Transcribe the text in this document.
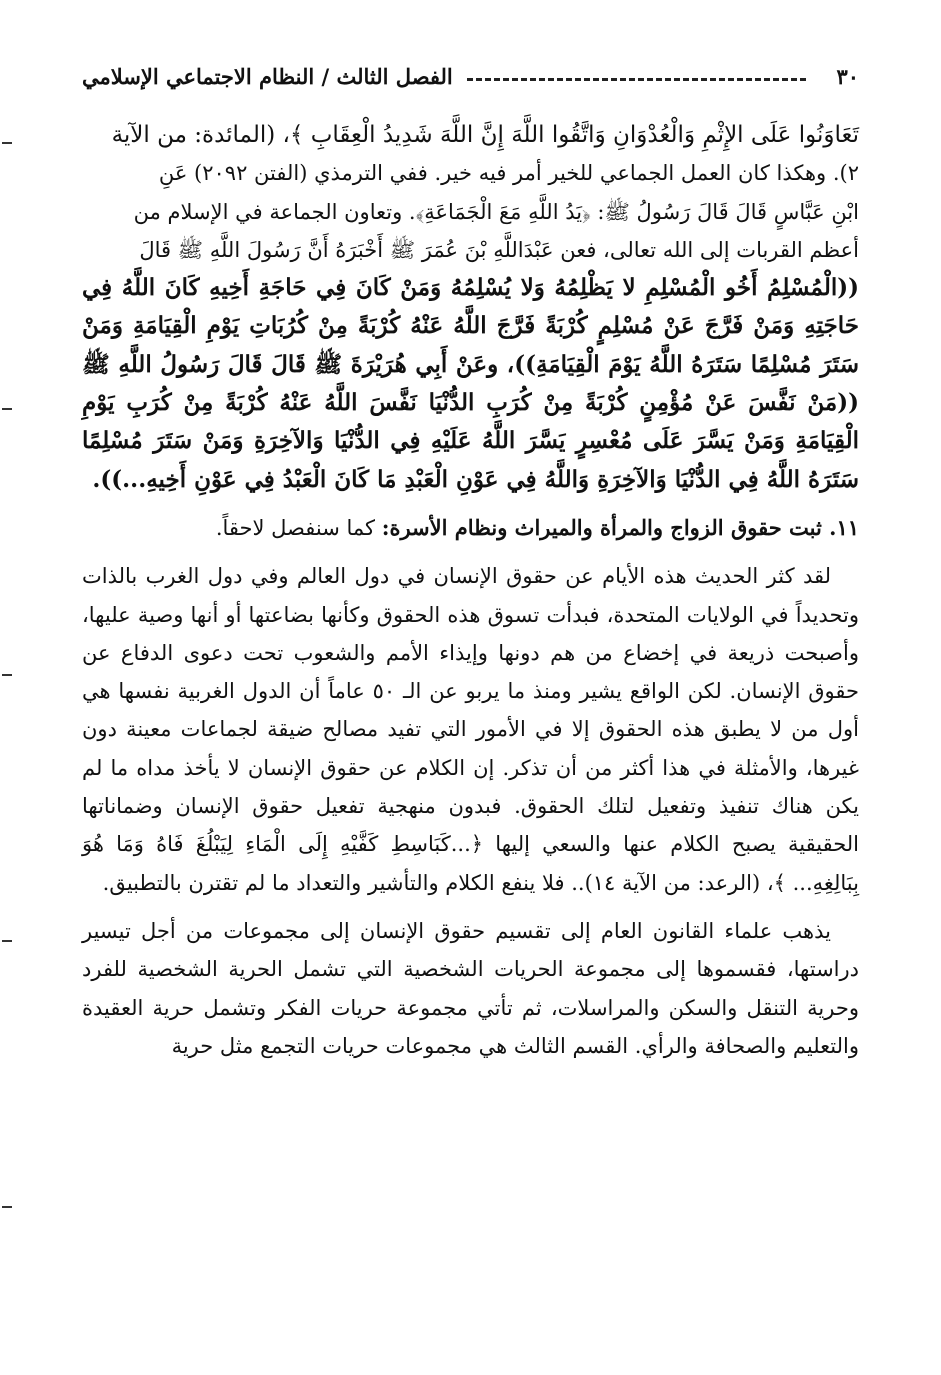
٣٠
الفصل الثالث / النظام الاجتماعي الإسلامي

تَعَاوَنُوا عَلَى الإِثْمِ وَالْعُدْوَانِ وَاتَّقُوا اللَّهَ إِنَّ اللَّهَ شَدِيدُ الْعِقَابِ ﴾، (المائدة: من الآية

٢). وهكذا كان العمل الجماعي للخير أمر فيه خير. ففي الترمذي (الفتن ٢٠٩٢) عَنِ

ابْنِ عَبَّاسٍ قَالَ قَالَ رَسُولُ ﷺ: ﴿يَدُ اللَّهِ مَعَ الْجَمَاعَةِ﴾. وتعاون الجماعة في الإسلام من

أعظم القربات إلى الله تعالى، فعن عَبْدَاللَّهِ بْنَ عُمَرَ ﷺ أَخْبَرَهُ أَنَّ رَسُولَ اللَّهِ ﷺ قَالَ

((الْمُسْلِمُ أَخُو الْمُسْلِمِ لا يَظْلِمُهُ وَلا يُسْلِمُهُ وَمَنْ كَانَ فِي حَاجَةِ أَخِيهِ كَانَ اللَّهُ فِي حَاجَتِهِ وَمَنْ فَرَّجَ عَنْ مُسْلِمٍ كُرْبَةً فَرَّجَ اللَّهُ عَنْهُ كُرْبَةً مِنْ كُرُبَاتِ يَوْمِ الْقِيَامَةِ وَمَنْ سَتَرَ مُسْلِمًا سَتَرَهُ اللَّهُ يَوْمَ الْقِيَامَةِ))، وعَنْ أَبِي هُرَيْرَةَ ﷺ قَالَ قَالَ رَسُولُ اللَّهِ ﷺ ((مَنْ نَفَّسَ عَنْ مُؤْمِنٍ كُرْبَةً مِنْ كُرَبِ الدُّنْيَا نَفَّسَ اللَّهُ عَنْهُ كُرْبَةً مِنْ كُرَبِ يَوْمِ الْقِيَامَةِ وَمَنْ يَسَّرَ عَلَى مُعْسِرٍ يَسَّرَ اللَّهُ عَلَيْهِ فِي الدُّنْيَا وَالآخِرَةِ وَمَنْ سَتَرَ مُسْلِمًا سَتَرَهُ اللَّهُ فِي الدُّنْيَا وَالآخِرَةِ وَاللَّهُ فِي عَوْنِ الْعَبْدِ مَا كَانَ الْعَبْدُ فِي عَوْنِ أَخِيهِ...)).

١١. ثبت حقوق الزواج والمرأة والميراث ونظام الأسرة: كما سنفصل لاحقاً.

لقد كثر الحديث هذه الأيام عن حقوق الإنسان في دول العالم وفي دول الغرب بالذات وتحديداً في الولايات المتحدة، فبدأت تسوق هذه الحقوق وكأنها بضاعتها أو أنها وصية عليها، وأصبحت ذريعة في إخضاع من هم دونها وإيذاء الأمم والشعوب تحت دعوى الدفاع عن حقوق الإنسان. لكن الواقع يشير ومنذ ما يربو عن الـ ٥٠ عاماً أن الدول الغربية نفسها هي أول من لا يطبق هذه الحقوق إلا في الأمور التي تفيد مصالح ضيقة لجماعات معينة دون غيرها، والأمثلة في هذا أكثر من أن تذكر. إن الكلام عن حقوق الإنسان لا يأخذ مداه ما لم يكن هناك تنفيذ وتفعيل لتلك الحقوق. فبدون منهجية تفعيل حقوق الإنسان وضماناتها الحقيقية يصبح الكلام عنها والسعي إليها ﴿...كَبَاسِطِ كَفَّيْهِ إِلَى الْمَاءِ لِيَبْلُغَ فَاهُ وَمَا هُوَ بِبَالِغِهِ... ﴾، (الرعد: من الآية ١٤).. فلا ينفع الكلام والتأشير والتعداد ما لم تقترن بالتطبيق.

يذهب علماء القانون العام إلى تقسيم حقوق الإنسان إلى مجموعات من أجل تيسير دراستها، فقسموها إلى مجموعة الحريات الشخصية التي تشمل الحرية الشخصية للفرد وحرية التنقل والسكن والمراسلات، ثم تأتي مجموعة حريات الفكر وتشمل حرية العقيدة والتعليم والصحافة والرأي. القسم الثالث هي مجموعات حريات التجمع مثل حرية
